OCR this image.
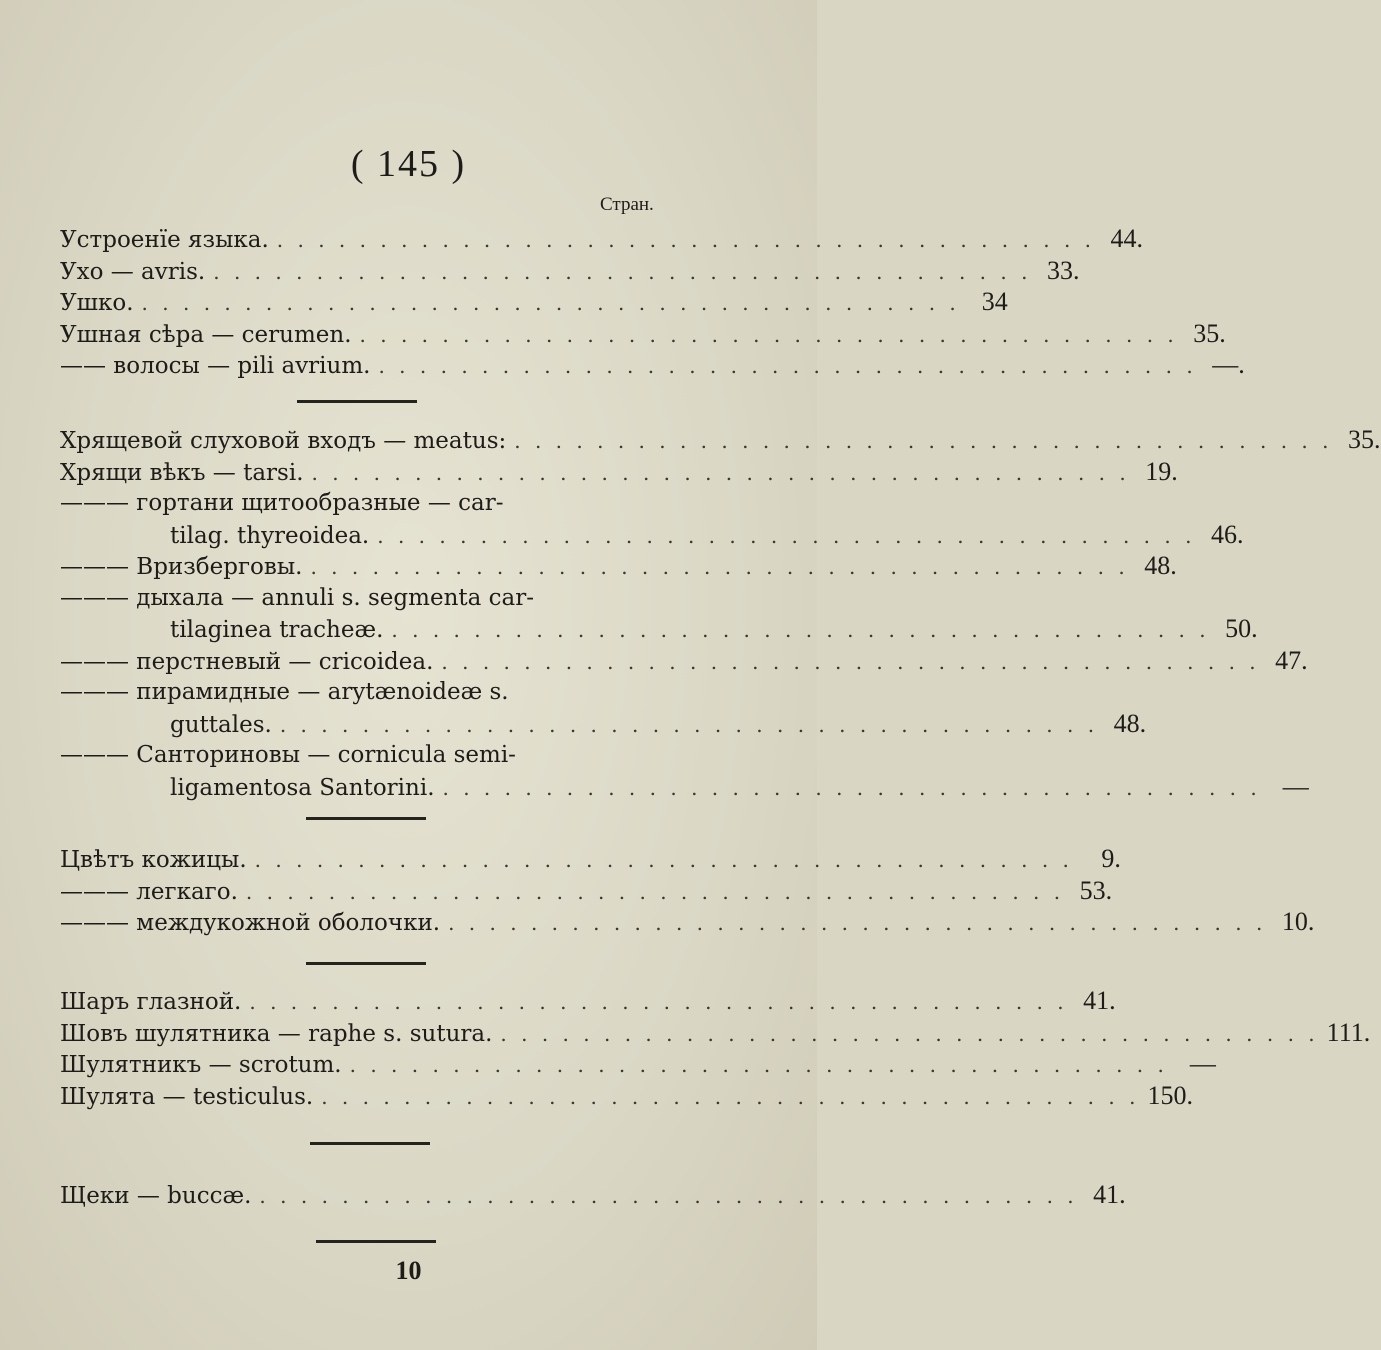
( 145 )
Стран.
Устроенїе языка. . . . . . . . . . . . . . . . . . . . . . . . . . . . . . . . . . . . . . . . . 44.
Ухо — avris. . . . . . . . . . . . . . . . . . . . . . . . . . . . . . . . . . . . . . . . . 33.
Ушко. . . . . . . . . . . . . . . . . . . . . . . . . . . . . . . . . . . . . . . . . 34
Ушная сѣра — cerumen. . . . . . . . . . . . . . . . . . . . . . . . . . . . . . . . . . . . . . . . . 35.
—— волосы — pili avrium. . . . . . . . . . . . . . . . . . . . . . . . . . . . . . . . . . . . . . . . . —.
Хрящевой слуховой входъ — meatus: . . . . . . . . . . . . . . . . . . . . . . . . . . . . . . . . . . . . . . . . 35.
Хрящи вѣкъ — tarsi. . . . . . . . . . . . . . . . . . . . . . . . . . . . . . . . . . . . . . . . . 19.
——— гортани щитообразные — car-
tilag. thyreoidea. . . . . . . . . . . . . . . . . . . . . . . . . . . . . . . . . . . . . . . . . 46.
——— Вризберговы. . . . . . . . . . . . . . . . . . . . . . . . . . . . . . . . . . . . . . . . . 48.
——— дыхала — annuli s. segmenta car-
tilaginea tracheæ. . . . . . . . . . . . . . . . . . . . . . . . . . . . . . . . . . . . . . . . . 50.
——— перстневый — cricoidea. . . . . . . . . . . . . . . . . . . . . . . . . . . . . . . . . . . . . . . . . 47.
——— пирамидные — arytænoideæ s.
guttales. . . . . . . . . . . . . . . . . . . . . . . . . . . . . . . . . . . . . . . . . 48.
——— Санториновы — cornicula semi-
ligamentosa Santorini. . . . . . . . . . . . . . . . . . . . . . . . . . . . . . . . . . . . . . . . . —
Цвѣтъ кожицы. . . . . . . . . . . . . . . . . . . . . . . . . . . . . . . . . . . . . . . . .	9.
——— легкаго. . . . . . . . . . . . . . . . . . . . . . . . . . . . . . . . . . . . . . . . . 53.
——— междукожной оболочки. . . . . . . . . . . . . . . . . . . . . . . . . . . . . . . . . . . . . . . . . 10.
Шаръ глазной. . . . . . . . . . . . . . . . . . . . . . . . . . . . . . . . . . . . . . . . . 41.
Шовъ шулятника — raphe s. sutura. . . . . . . . . . . . . . . . . . . . . . . . . . . . . . . . . . . . . . . . . 111.
Шулятникъ — scrotum. . . . . . . . . . . . . . . . . . . . . . . . . . . . . . . . . . . . . . . . . —
Шулята — testiculus. . . . . . . . . . . . . . . . . . . . . . . . . . . . . . . . . . . . . . . . . 150.
Щеки — buccæ. . . . . . . . . . . . . . . . . . . . . . . . . . . . . . . . . . . . . . . . . 41.
10
